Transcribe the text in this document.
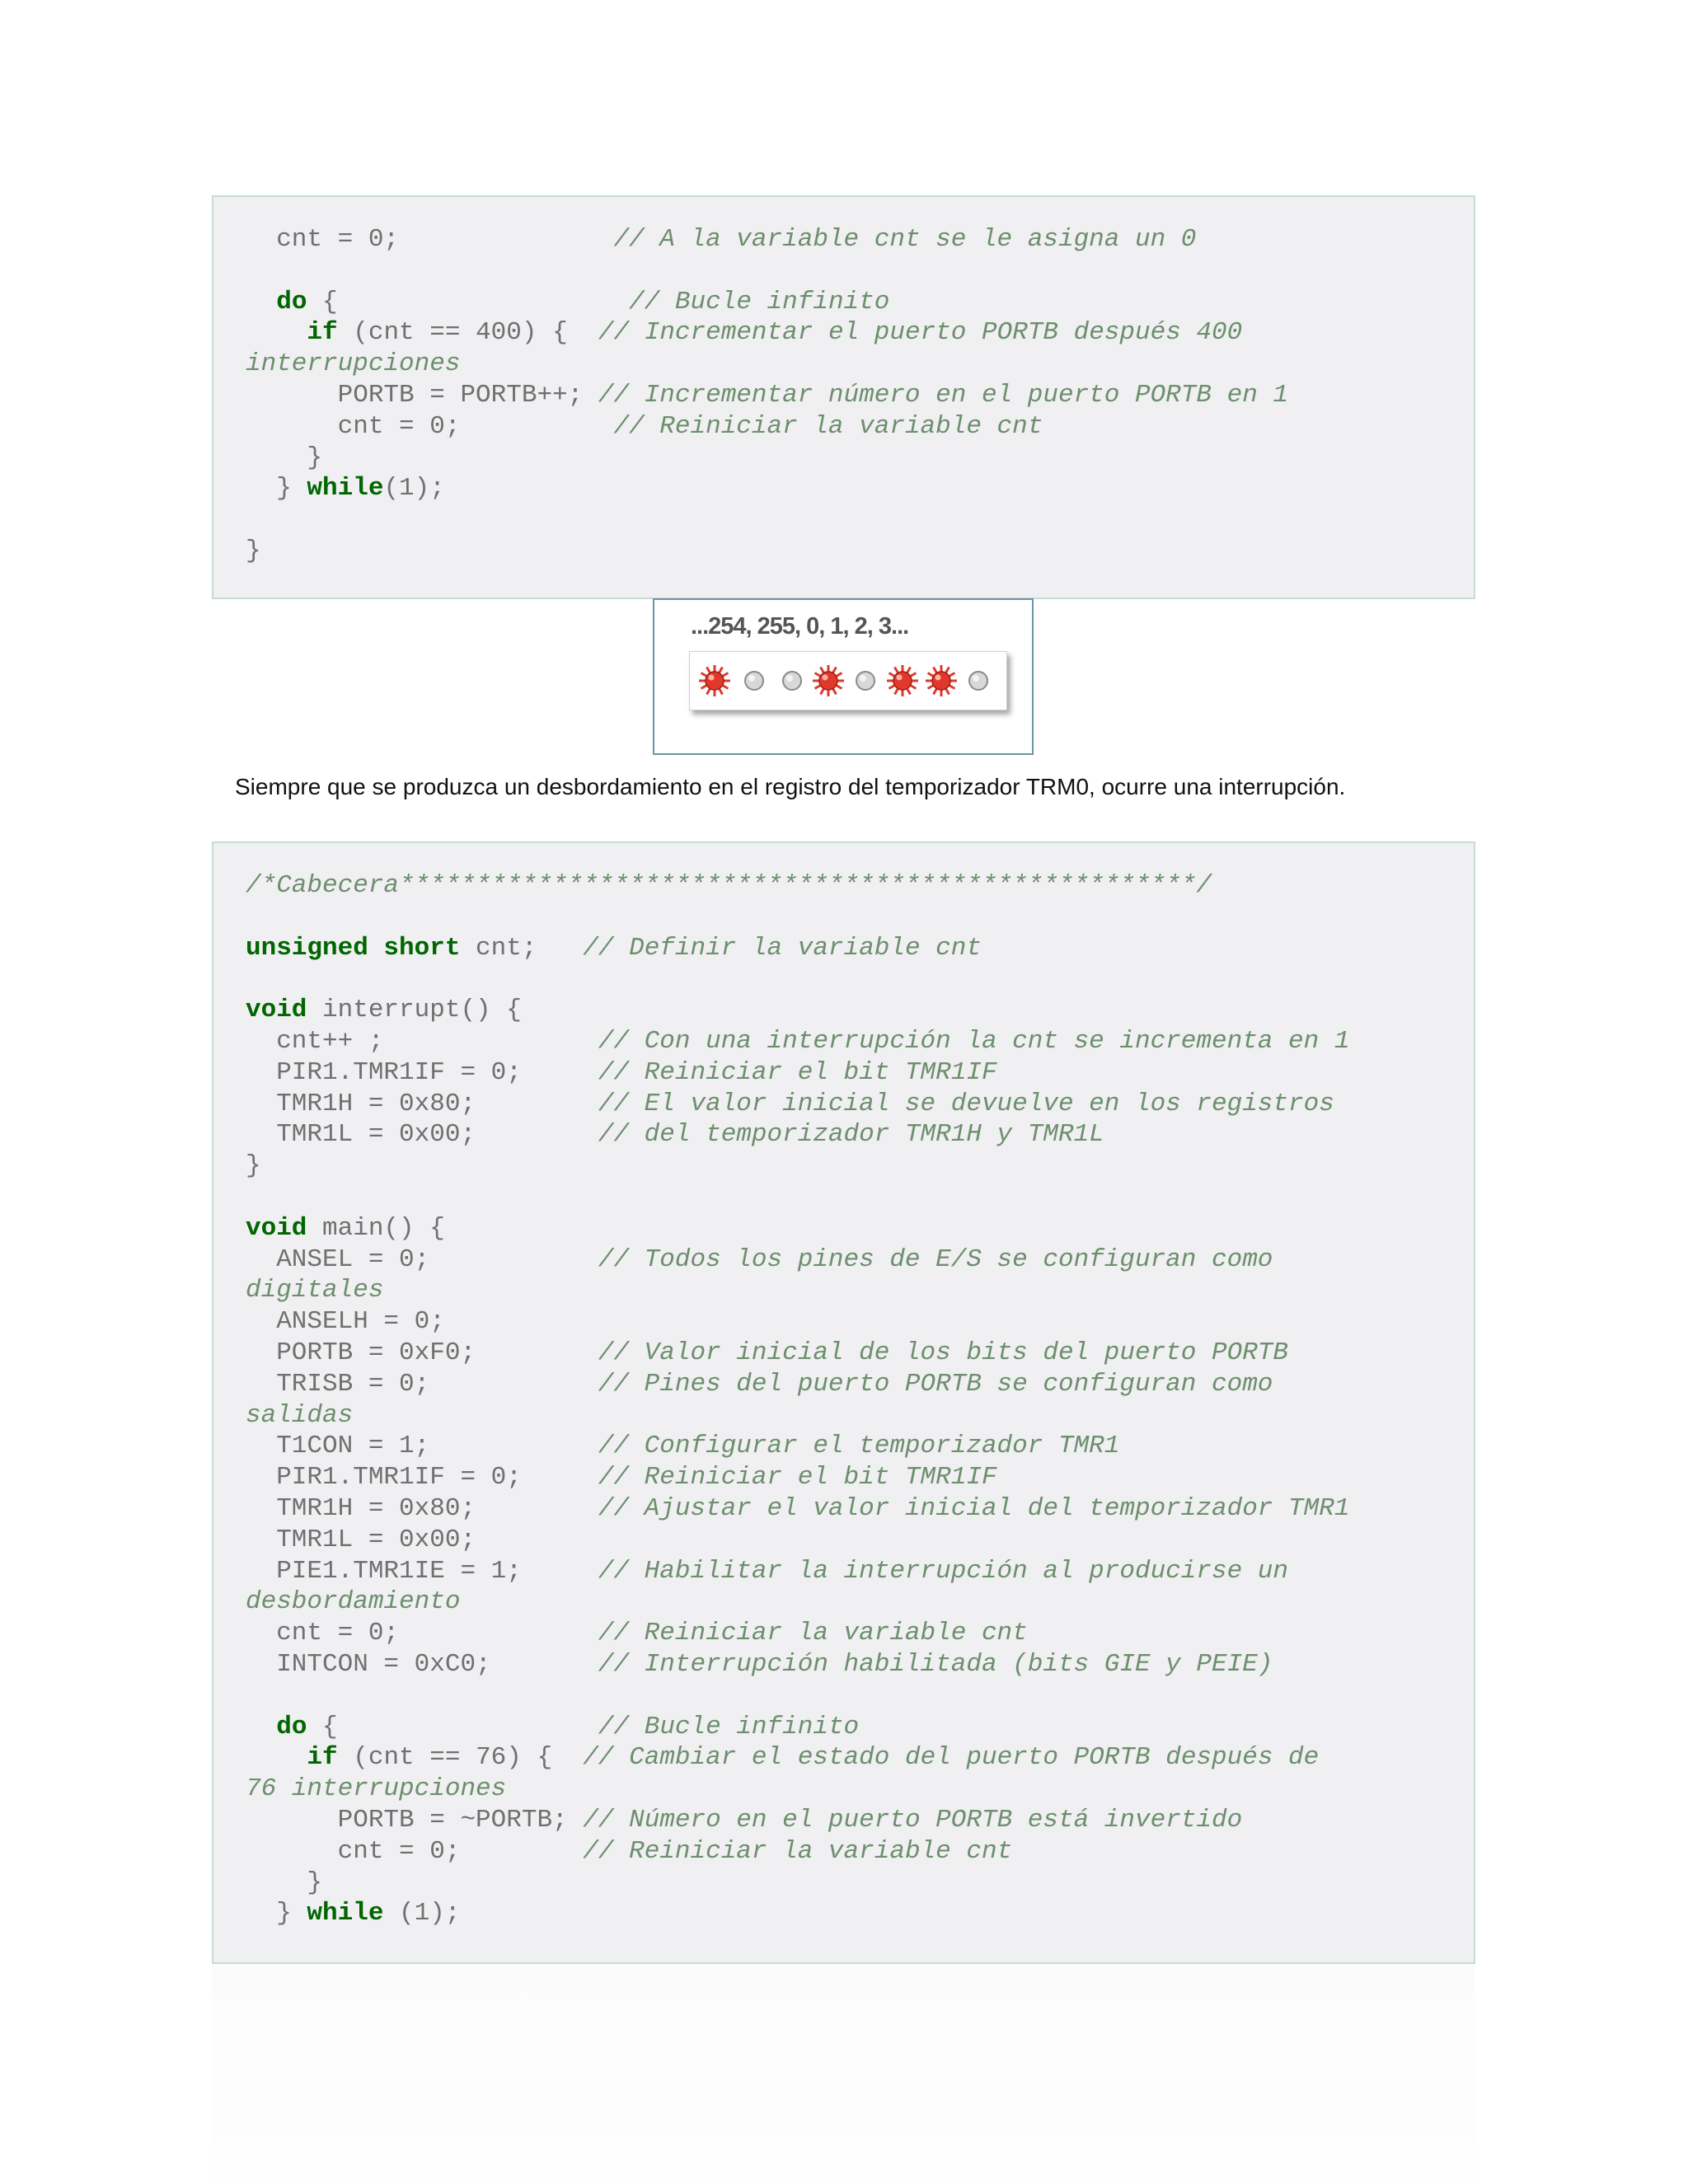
cnt = 0;              // A la variable cnt se le asigna un 0
do {                   // Bucle infinito
if (cnt == 400) {  // Incrementar el puerto PORTB después 400
interrupciones
PORTB = PORTB++; // Incrementar número en el puerto PORTB en 1
cnt = 0;          // Reiniciar la variable cnt
}
} while(1);
}
...254, 255, 0, 1, 2, 3...
Siempre que se produzca un desbordamiento en el registro del temporizador TRM0, ocurre una interrupción.
/*Cabecera****************************************************/
unsigned short cnt;   // Definir la variable cnt
void interrupt() {
cnt++ ;              // Con una interrupción la cnt se incrementa en 1
PIR1.TMR1IF = 0;     // Reiniciar el bit TMR1IF
TMR1H = 0x80;        // El valor inicial se devuelve en los registros
TMR1L = 0x00;        // del temporizador TMR1H y TMR1L
}
void main() {
ANSEL = 0;           // Todos los pines de E/S se configuran como
digitales
ANSELH = 0;
PORTB = 0xF0;        // Valor inicial de los bits del puerto PORTB
TRISB = 0;           // Pines del puerto PORTB se configuran como
salidas
T1CON = 1;           // Configurar el temporizador TMR1
PIR1.TMR1IF = 0;     // Reiniciar el bit TMR1IF
TMR1H = 0x80;        // Ajustar el valor inicial del temporizador TMR1
TMR1L = 0x00;
PIE1.TMR1IE = 1;     // Habilitar la interrupción al producirse un
desbordamiento
cnt = 0;             // Reiniciar la variable cnt
INTCON = 0xC0;       // Interrupción habilitada (bits GIE y PEIE)
do {                 // Bucle infinito
if (cnt == 76) {  // Cambiar el estado del puerto PORTB después de
76 interrupciones
PORTB = ~PORTB; // Número en el puerto PORTB está invertido
cnt = 0;        // Reiniciar la variable cnt
}
} while (1);
